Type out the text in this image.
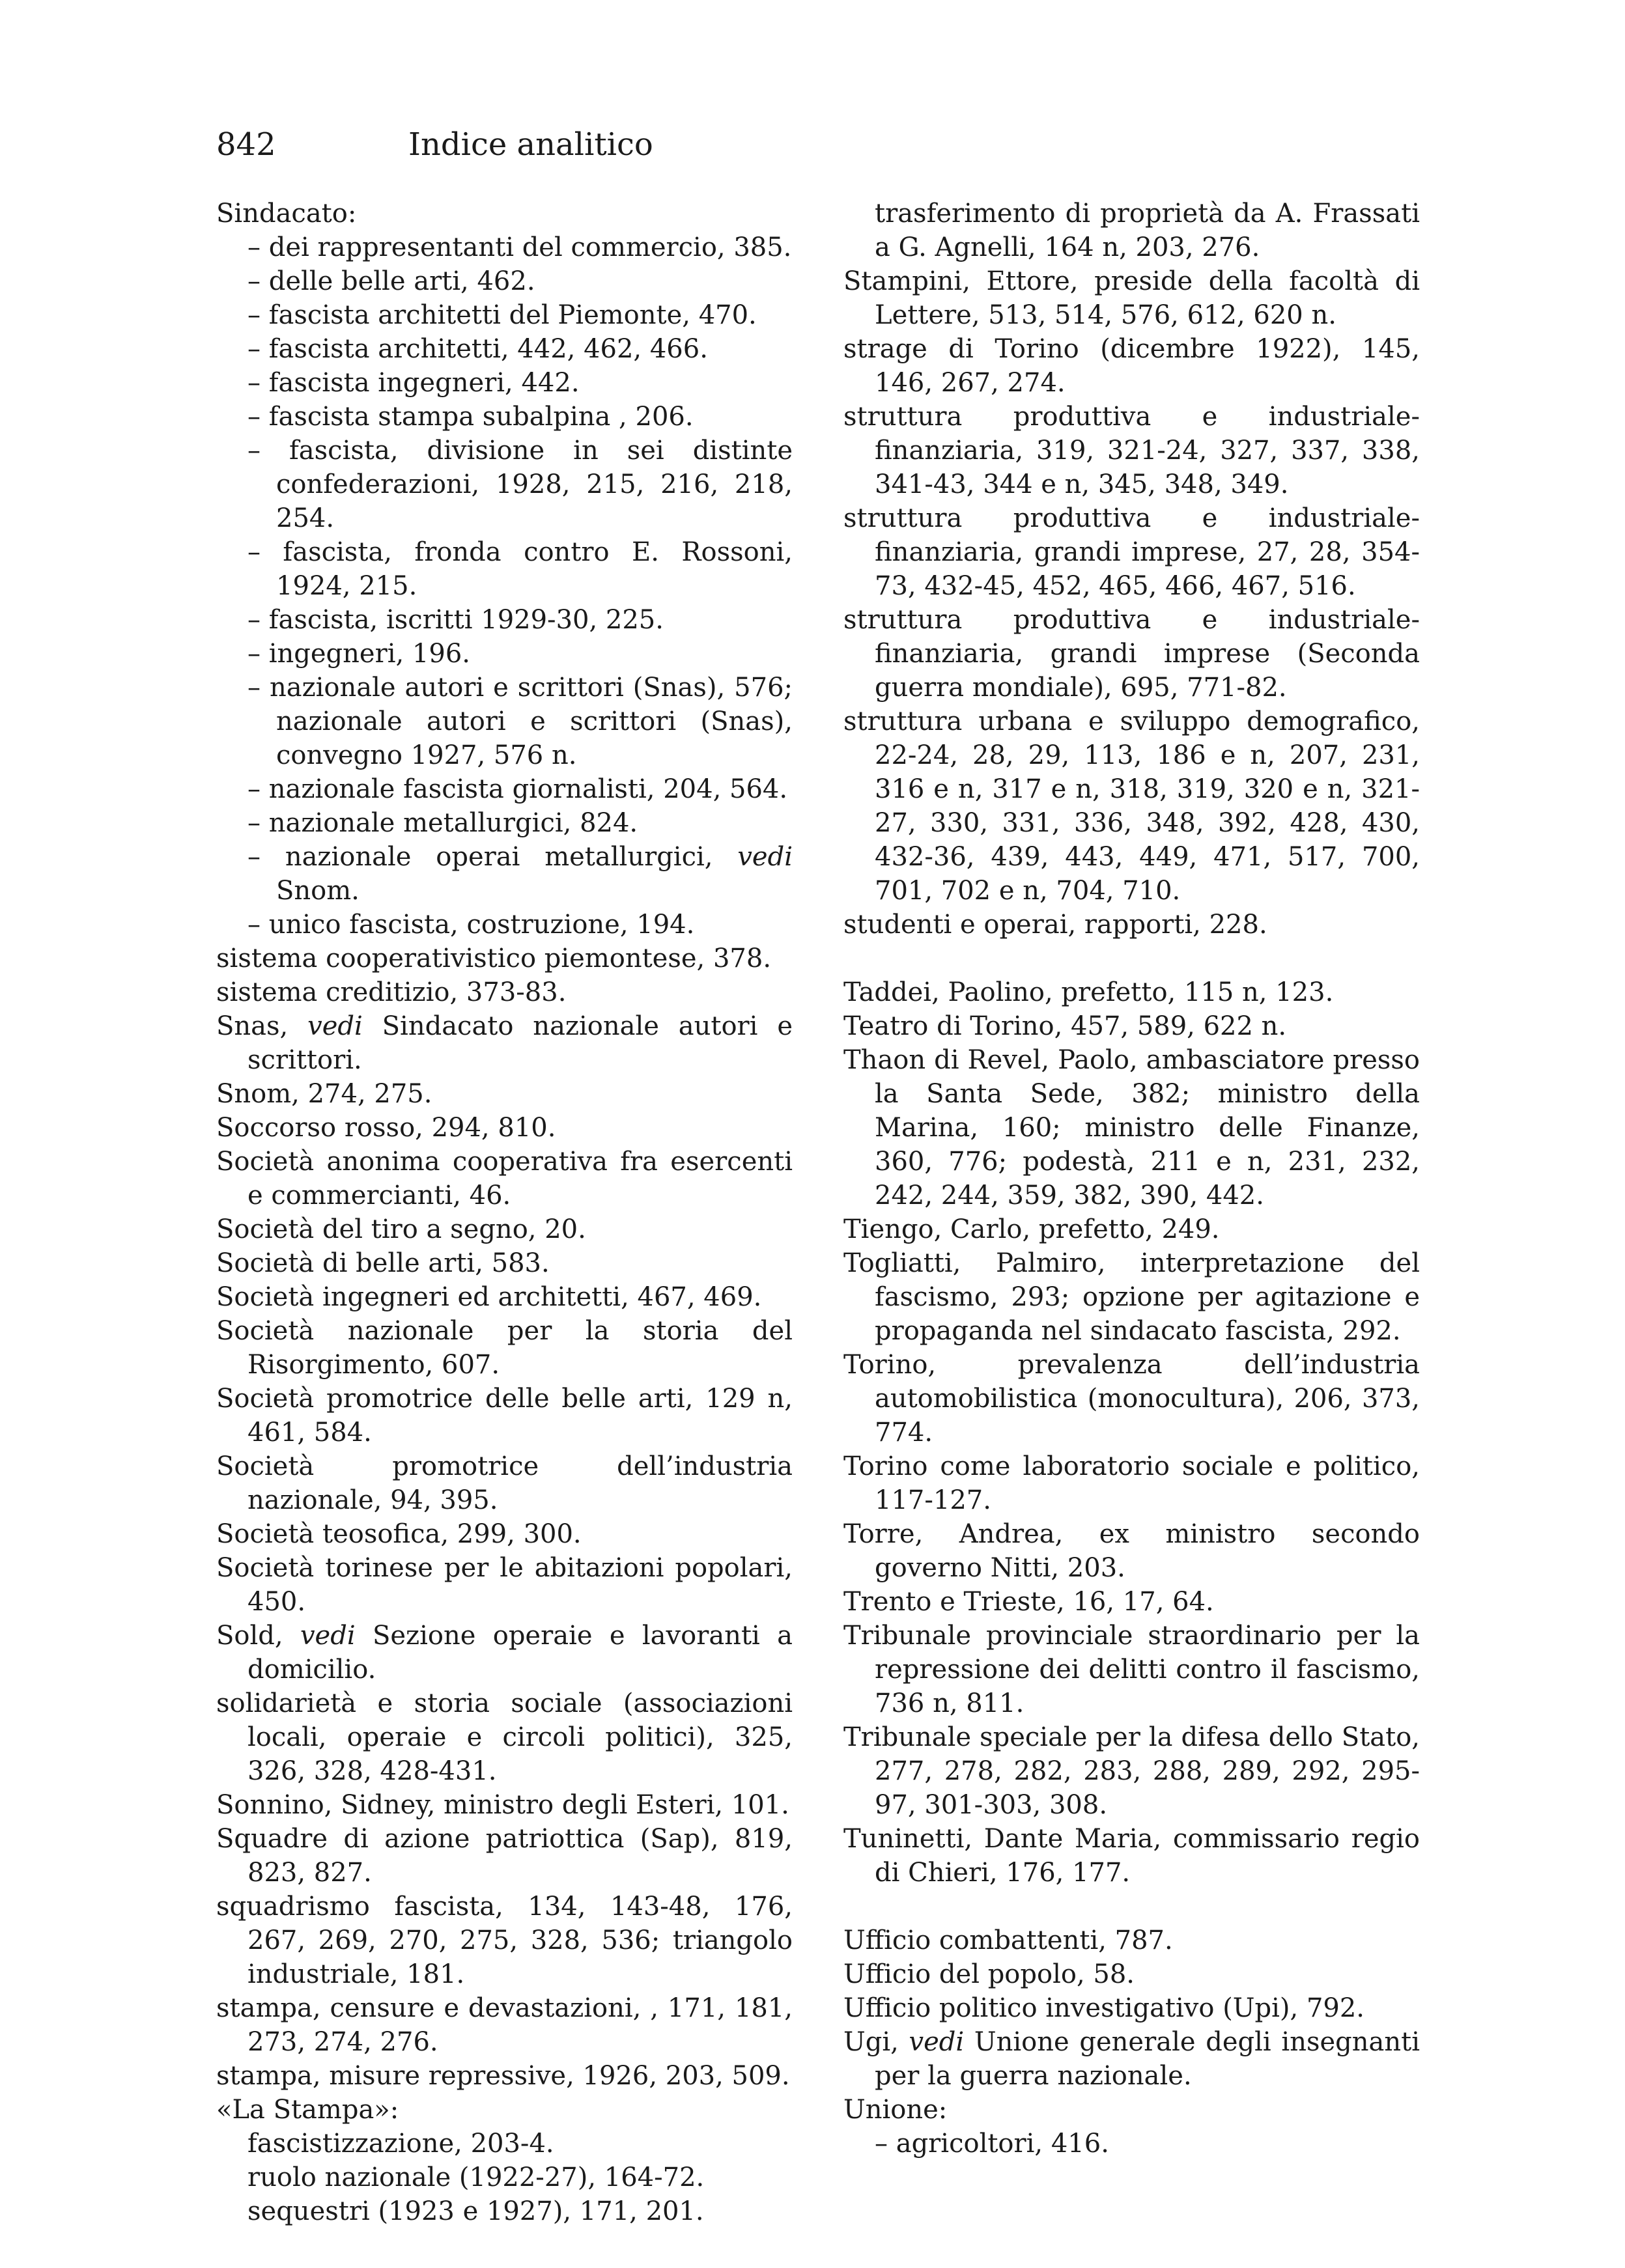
842	Indice analitico
Sindacato:
– dei rappresentanti del commercio, 385.
– delle belle arti, 462.
– fascista architetti del Piemonte, 470.
– fascista architetti, 442, 462, 466.
– fascista ingegneri, 442.
– fascista stampa subalpina , 206.
– fascista, divisione in sei distinte confederazioni, 1928, 215, 216, 218, 254.
– fascista, fronda contro E. Rossoni, 1924, 215.
– fascista, iscritti 1929-30, 225.
– ingegneri, 196.
– nazionale autori e scrittori (Snas), 576; nazionale autori e scrittori (Snas), convegno 1927, 576 n.
– nazionale fascista giornalisti, 204, 564.
– nazionale metallurgici, 824.
– nazionale operai metallurgici, vedi Snom.
– unico fascista, costruzione, 194.
sistema cooperativistico piemontese, 378.
sistema creditizio, 373-83.
Snas, vedi Sindacato nazionale autori e scrittori.
Snom, 274, 275.
Soccorso rosso, 294, 810.
Società anonima cooperativa fra esercenti e commercianti, 46.
Società del tiro a segno, 20.
Società di belle arti, 583.
Società ingegneri ed architetti, 467, 469.
Società nazionale per la storia del Risorgimento, 607.
Società promotrice delle belle arti, 129 n, 461, 584.
Società promotrice dell’industria nazionale, 94, 395.
Società teosofica, 299, 300.
Società torinese per le abitazioni popolari, 450.
Sold, vedi Sezione operaie e lavoranti a domicilio.
solidarietà e storia sociale (associazioni locali, operaie e circoli politici), 325, 326, 328, 428-431.
Sonnino, Sidney, ministro degli Esteri, 101.
Squadre di azione patriottica (Sap), 819, 823, 827.
squadrismo fascista, 134, 143-48, 176, 267, 269, 270, 275, 328, 536; triangolo industriale, 181.
stampa, censure e devastazioni, , 171, 181, 273, 274, 276.
stampa, misure repressive, 1926, 203, 509.
«La Stampa»:
fascistizzazione, 203-4.
ruolo nazionale (1922-27), 164-72.
sequestri (1923 e 1927), 171, 201.
trasferimento di proprietà da A. Frassati a G. Agnelli, 164 n, 203, 276.
Stampini, Ettore, preside della facoltà di Lettere, 513, 514, 576, 612, 620 n.
strage di Torino (dicembre 1922), 145, 146, 267, 274.
struttura produttiva e industriale-finanziaria, 319, 321-24, 327, 337, 338, 341-43, 344 e n, 345, 348, 349.
struttura produttiva e industriale-finanziaria, grandi imprese, 27, 28, 354-73, 432-45, 452, 465, 466, 467, 516.
struttura produttiva e industriale-finanziaria, grandi imprese (Seconda guerra mondiale), 695, 771-82.
struttura urbana e sviluppo demografico, 22-24, 28, 29, 113, 186 e n, 207, 231, 316 e n, 317 e n, 318, 319, 320 e n, 321-27, 330, 331, 336, 348, 392, 428, 430, 432-36, 439, 443, 449, 471, 517, 700, 701, 702 e n, 704, 710.
studenti e operai, rapporti, 228.
Taddei, Paolino, prefetto, 115 n, 123.
Teatro di Torino, 457, 589, 622 n.
Thaon di Revel, Paolo, ambasciatore presso la Santa Sede, 382; ministro della Marina, 160; ministro delle Finanze, 360, 776; podestà, 211 e n, 231, 232, 242, 244, 359, 382, 390, 442.
Tiengo, Carlo, prefetto, 249.
Togliatti, Palmiro, interpretazione del fascismo, 293; opzione per agitazione e propaganda nel sindacato fascista, 292.
Torino, prevalenza dell’industria automobilistica (monocultura), 206, 373, 774.
Torino come laboratorio sociale e politico, 117-127.
Torre, Andrea, ex ministro secondo governo Nitti, 203.
Trento e Trieste, 16, 17, 64.
Tribunale provinciale straordinario per la repressione dei delitti contro il fascismo, 736 n, 811.
Tribunale speciale per la difesa dello Stato, 277, 278, 282, 283, 288, 289, 292, 295-97, 301-303, 308.
Tuninetti, Dante Maria, commissario regio di Chieri, 176, 177.
Ufficio combattenti, 787.
Ufficio del popolo, 58.
Ufficio politico investigativo (Upi), 792.
Ugi, vedi Unione generale degli insegnanti per la guerra nazionale.
Unione:
– agricoltori, 416.
